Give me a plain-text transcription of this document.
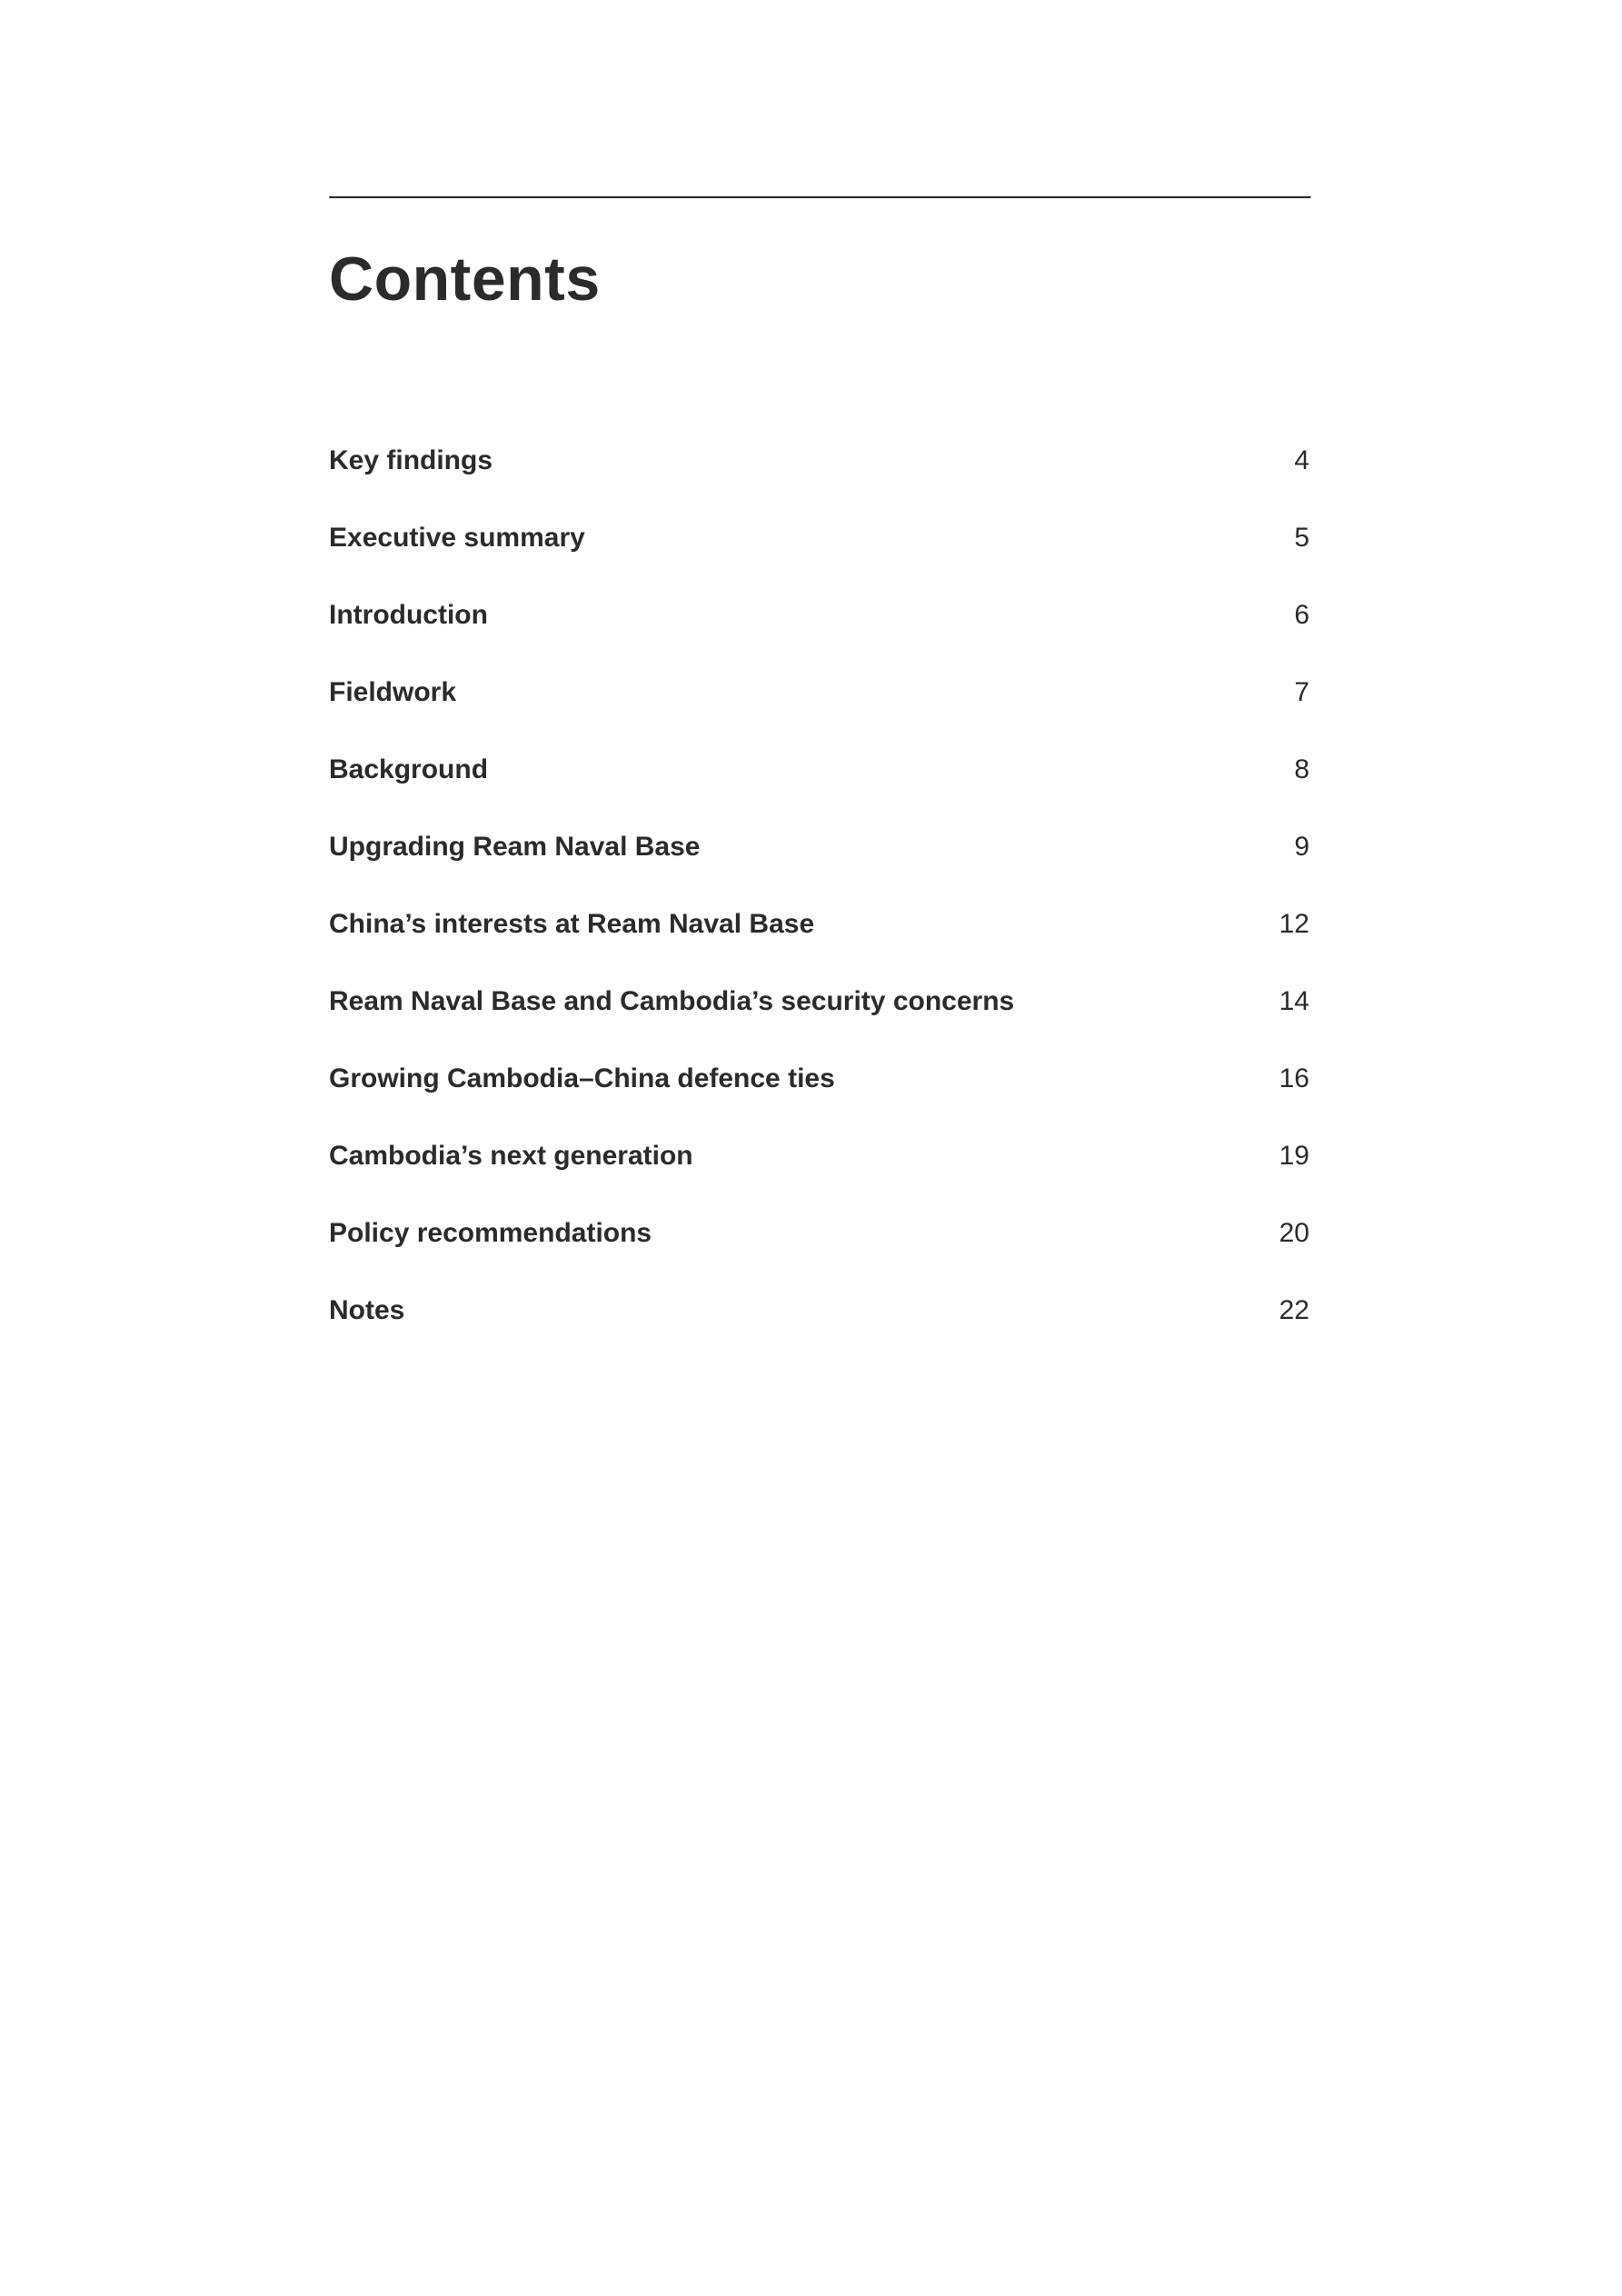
Contents
Key findings	4
Executive summary	5
Introduction	6
Fieldwork	7
Background	8
Upgrading Ream Naval Base	9
China’s interests at Ream Naval Base	12
Ream Naval Base and Cambodia’s security concerns	14
Growing Cambodia–China defence ties	16
Cambodia’s next generation	19
Policy recommendations	20
Notes	22
